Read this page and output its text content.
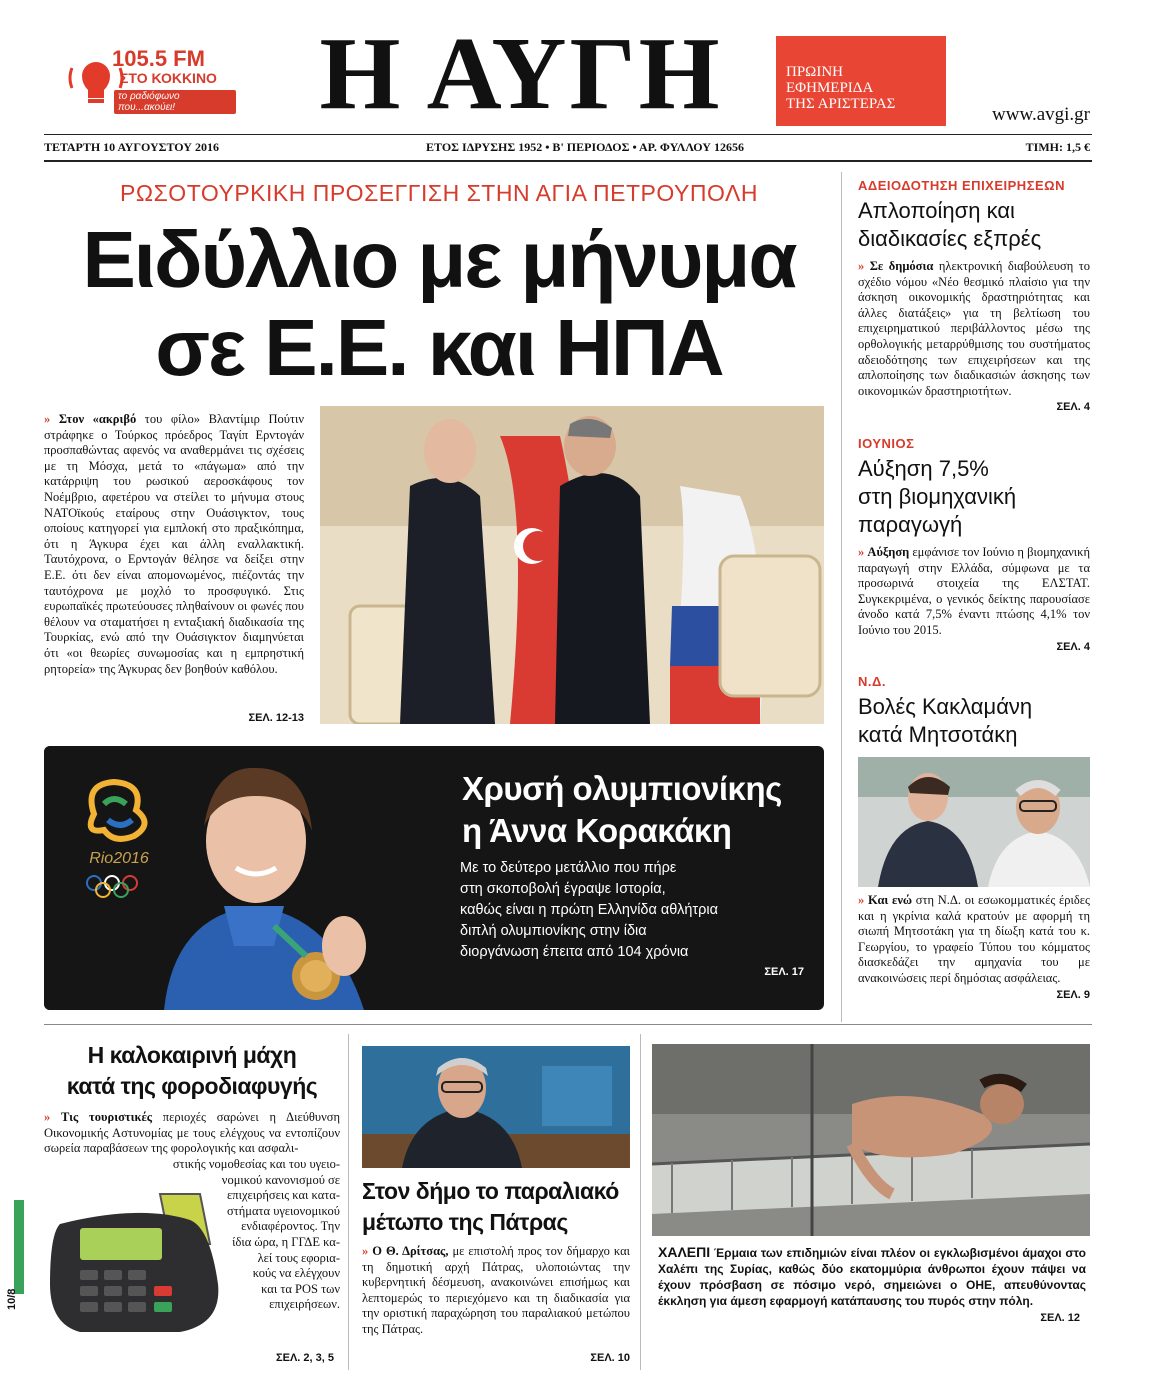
105.5 FM
ΣΤΟ ΚΟΚΚΙΝΟ
το ραδιόφωνο που...ακούει!	Η ΑΥΓΗ	ΠΡΩΙΝΗ
ΕΦΗΜΕΡΙΔΑ
ΤΗΣ ΑΡΙΣΤΕΡΑΣ	www.avgi.gr
ΤΕΤΑΡΤΗ 10 ΑΥΓΟΥΣΤΟΥ 2016	ΕΤΟΣ ΙΔΡΥΣΗΣ 1952 • Β' ΠΕΡΙΟΔΟΣ • ΑΡ. ΦΥΛΛΟΥ 12656	ΤΙΜΗ: 1,5 €
ΡΩΣΟΤΟΥΡΚΙΚΗ ΠΡΟΣΕΓΓΙΣΗ ΣΤΗΝ ΑΓΙΑ ΠΕΤΡΟΥΠΟΛΗ
Ειδύλλιο με μήνυμα
σε Ε.Ε. και ΗΠΑ
» Στον «ακριβό του φίλο» Βλαντίμιρ Πούτιν στράφηκε ο Τούρκος πρόεδρος Ταγίπ Ερντογάν προσπαθώντας αφενός να αναθερμάνει τις σχέσεις με τη Μόσχα, μετά το «πάγωμα» από την κατάρριψη του ρωσικού αεροσκάφους τον Νοέμβριο, αφετέρου να στείλει το μήνυμα στους ΝΑΤΟϊκούς εταίρους στην Ουάσιγκτον, τους οποίους κατηγορεί για εμπλοκή στο πραξικόπημα, ότι η Άγκυρα έχει και άλλη εναλλακτική. Ταυτόχρονα, ο Ερντογάν θέλησε να δείξει στην Ε.Ε. ότι δεν είναι απομονωμένος, πιέζοντάς την ταυτόχρονα με μοχλό το προσφυγικό. Στις ευρωπαϊκές πρωτεύουσες πληθαίνουν οι φωνές που θέλουν να σταματήσει η ενταξιακή διαδικασία της Τουρκίας, ενώ από την Ουάσιγκτον διαμηνύεται ότι «οι θεωρίες συνωμοσίας και η εμπρηστική ρητορεία» της Άγκυρας δεν βοηθούν καθόλου.
ΣΕΛ. 12-13
Rio2016
Χρυσή ολυμπιονίκης
η Άννα Κορακάκη
Με το δεύτερο μετάλλιο που πήρε
στη σκοποβολή έγραψε Ιστορία,
καθώς είναι η πρώτη Ελληνίδα αθλήτρια
διπλή ολυμπιονίκης στην ίδια
διοργάνωση έπειτα από 104 χρόνια
ΣΕΛ. 17
ΑΔΕΙΟΔΟΤΗΣΗ ΕΠΙΧΕΙΡΗΣΕΩΝ
Απλοποίηση και
διαδικασίες εξπρές
» Σε δημόσια ηλεκτρονική διαβούλευση το σχέδιο νόμου «Νέο θεσμικό πλαίσιο για την άσκηση οικονομικής δραστηριότητας και άλλες διατάξεις» για τη βελτίωση του επιχειρηματικού περιβάλλοντος μέσω της ορθολογικής μεταρρύθμισης του συστήματος αδειοδότησης των επιχειρήσεων και της απλοποίησης των διαδικασιών άσκησης των οικονομικών δραστηριοτήτων.
ΣΕΛ. 4
ΙΟΥΝΙΟΣ
Αύξηση 7,5%
στη βιομηχανική
παραγωγή
» Αύξηση εμφάνισε τον Ιούνιο η βιομηχανική παραγωγή στην Ελλάδα, σύμφωνα με τα προσωρινά στοιχεία της ΕΛΣΤΑΤ. Συγκεκριμένα, ο γενικός δείκτης παρουσίασε άνοδο κατά 7,5% έναντι πτώσης 4,1% τον Ιούνιο του 2015.
ΣΕΛ. 4
Ν.Δ.
Βολές Κακλαμάνη
κατά Μητσοτάκη
» Και ενώ στη Ν.Δ. οι εσωκομματικές έριδες και η γκρίνια καλά κρατούν με αφορμή τη σιωπή Μητσοτάκη για τη δίωξη κατά του κ. Γεωργίου, το γραφείο Τύπου του κόμματος διασκεδάζει την αμηχανία του με ανακοινώσεις περί δημόσιας ασφάλειας.
ΣΕΛ. 9
Η καλοκαιρινή μάχη
κατά της φοροδιαφυγής
» Τις τουριστικές περιοχές σαρώνει η Διεύθυνση Οικονομικής Αστυνομίας με τους ελέγχους να εντοπίζουν σωρεία παραβάσεων της φορολογικής και ασφαλι-
στικής νομοθεσίας και του υγειο-
νομικού κανονισμού σε
επιχειρήσεις και κατα-
στήματα υγειονομικού
ενδιαφέροντος. Την
ίδια ώρα, η ΓΓΔΕ κα-
λεί τους εφορια-
κούς να ελέγχουν
και τα POS των
επιχειρήσεων.
ΣΕΛ. 2, 3, 5
Στον δήμο το παραλιακό
μέτωπο της Πάτρας
» Ο Θ. Δρίτσας, με επιστολή προς τον δήμαρχο και τη δημοτική αρχή Πάτρας, υλοποιώντας την κυβερνητική δέσμευση, ανακοινώνει επισήμως και λεπτομερώς το περιεχόμενο και τη διαδικασία για την οριστική παραχώρηση του παραλιακού μετώπου της Πάτρας.
ΣΕΛ. 10
ΧΑΛΕΠΙ Έρμαια των επιδημιών είναι πλέον οι εγκλωβισμένοι άμαχοι στο Χαλέπι της Συρίας, καθώς δύο εκατομμύρια άνθρωποι έχουν πάψει να έχουν πρόσβαση σε πόσιμο νερό, σημειώνει ο ΟΗΕ, απευθύνοντας έκκληση για άμεση εφαρμογή κατάπαυσης του πυρός στην πόλη.
ΣΕΛ. 12
10/8
